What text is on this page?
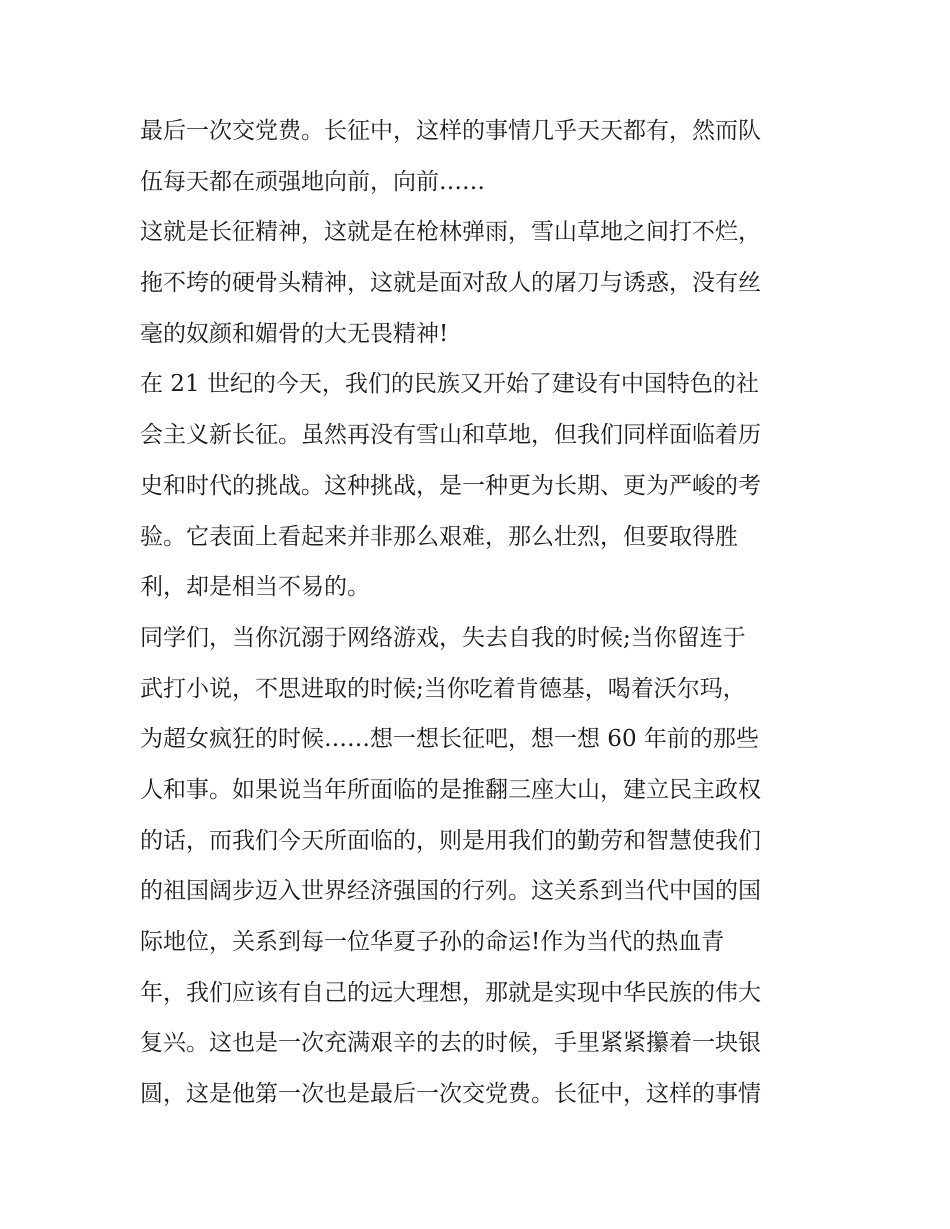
最后一次交党费。长征中，这样的事情几乎天天都有，然而队
伍每天都在顽强地向前，向前……
这就是长征精神，这就是在枪林弹雨，雪山草地之间打不烂，
拖不垮的硬骨头精神，这就是面对敌人的屠刀与诱惑，没有丝
毫的奴颜和媚骨的大无畏精神!
在 21 世纪的今天，我们的民族又开始了建设有中国特色的社
会主义新长征。虽然再没有雪山和草地，但我们同样面临着历
史和时代的挑战。这种挑战，是一种更为长期、更为严峻的考
验。它表面上看起来并非那么艰难，那么壮烈，但要取得胜
利，却是相当不易的。
同学们，当你沉溺于网络游戏，失去自我的时候;当你留连于
武打小说，不思进取的时候;当你吃着肯德基，喝着沃尔玛，
为超女疯狂的时候……想一想长征吧，想一想 60 年前的那些
人和事。如果说当年所面临的是推翻三座大山，建立民主政权
的话，而我们今天所面临的，则是用我们的勤劳和智慧使我们
的祖国阔步迈入世界经济强国的行列。这关系到当代中国的国
际地位，关系到每一位华夏子孙的命运!作为当代的热血青
年，我们应该有自己的远大理想，那就是实现中华民族的伟大
复兴。这也是一次充满艰辛的去的时候，手里紧紧攥着一块银
圆，这是他第一次也是最后一次交党费。长征中，这样的事情
